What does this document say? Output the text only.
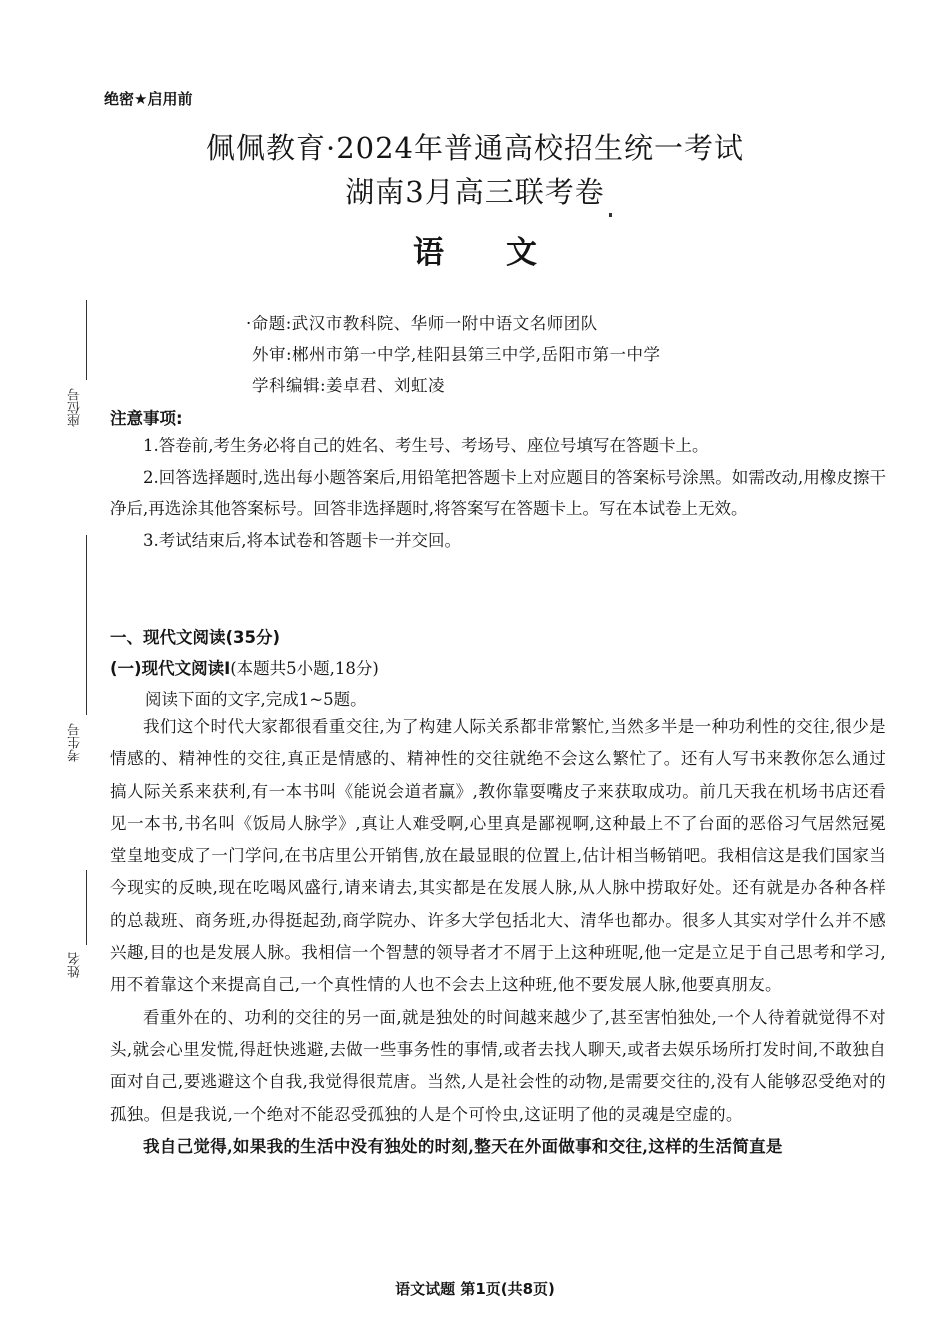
座位号
考生号
姓名
绝密★启用前
佩佩教育·2024年普通高校招生统一考试
湖南3月高三联考卷
语 文
·命题:武汉市教科院、华师一附中语文名师团队
外审:郴州市第一中学,桂阳县第三中学,岳阳市第一中学
学科编辑:姜卓君、刘虹凌
注意事项:

1.答卷前,考生务必将自己的姓名、考生号、考场号、座位号填写在答题卡上。

2.回答选择题时,选出每小题答案后,用铅笔把答题卡上对应题目的答案标号涂黑。如需改动,用橡皮擦干净后,再选涂其他答案标号。回答非选择题时,将答案写在答题卡上。写在本试卷上无效。

3.考试结束后,将本试卷和答题卡一并交回。

一、现代文阅读(35分)
(一)现代文阅读Ⅰ(本题共5小题,18分)
阅读下面的文字,完成1~5题。

我们这个时代大家都很看重交往,为了构建人际关系都非常繁忙,当然多半是一种功利性的交往,很少是情感的、精神性的交往,真正是情感的、精神性的交往就绝不会这么繁忙了。还有人写书来教你怎么通过搞人际关系来获利,有一本书叫《能说会道者赢》,教你靠耍嘴皮子来获取成功。前几天我在机场书店还看见一本书,书名叫《饭局人脉学》,真让人难受啊,心里真是鄙视啊,这种最上不了台面的恶俗习气居然冠冕堂皇地变成了一门学问,在书店里公开销售,放在最显眼的位置上,估计相当畅销吧。我相信这是我们国家当今现实的反映,现在吃喝风盛行,请来请去,其实都是在发展人脉,从人脉中捞取好处。还有就是办各种各样的总裁班、商务班,办得挺起劲,商学院办、许多大学包括北大、清华也都办。很多人其实对学什么并不感兴趣,目的也是发展人脉。我相信一个智慧的领导者才不屑于上这种班呢,他一定是立足于自己思考和学习,用不着靠这个来提高自己,一个真性情的人也不会去上这种班,他不要发展人脉,他要真朋友。

看重外在的、功利的交往的另一面,就是独处的时间越来越少了,甚至害怕独处,一个人待着就觉得不对头,就会心里发慌,得赶快逃避,去做一些事务性的事情,或者去找人聊天,或者去娱乐场所打发时间,不敢独自面对自己,要逃避这个自我,我觉得很荒唐。当然,人是社会性的动物,是需要交往的,没有人能够忍受绝对的孤独。但是我说,一个绝对不能忍受孤独的人是个可怜虫,这证明了他的灵魂是空虚的。

我自己觉得,如果我的生活中没有独处的时刻,整天在外面做事和交往,这样的生活简直是

语文试题 第1页(共8页)
